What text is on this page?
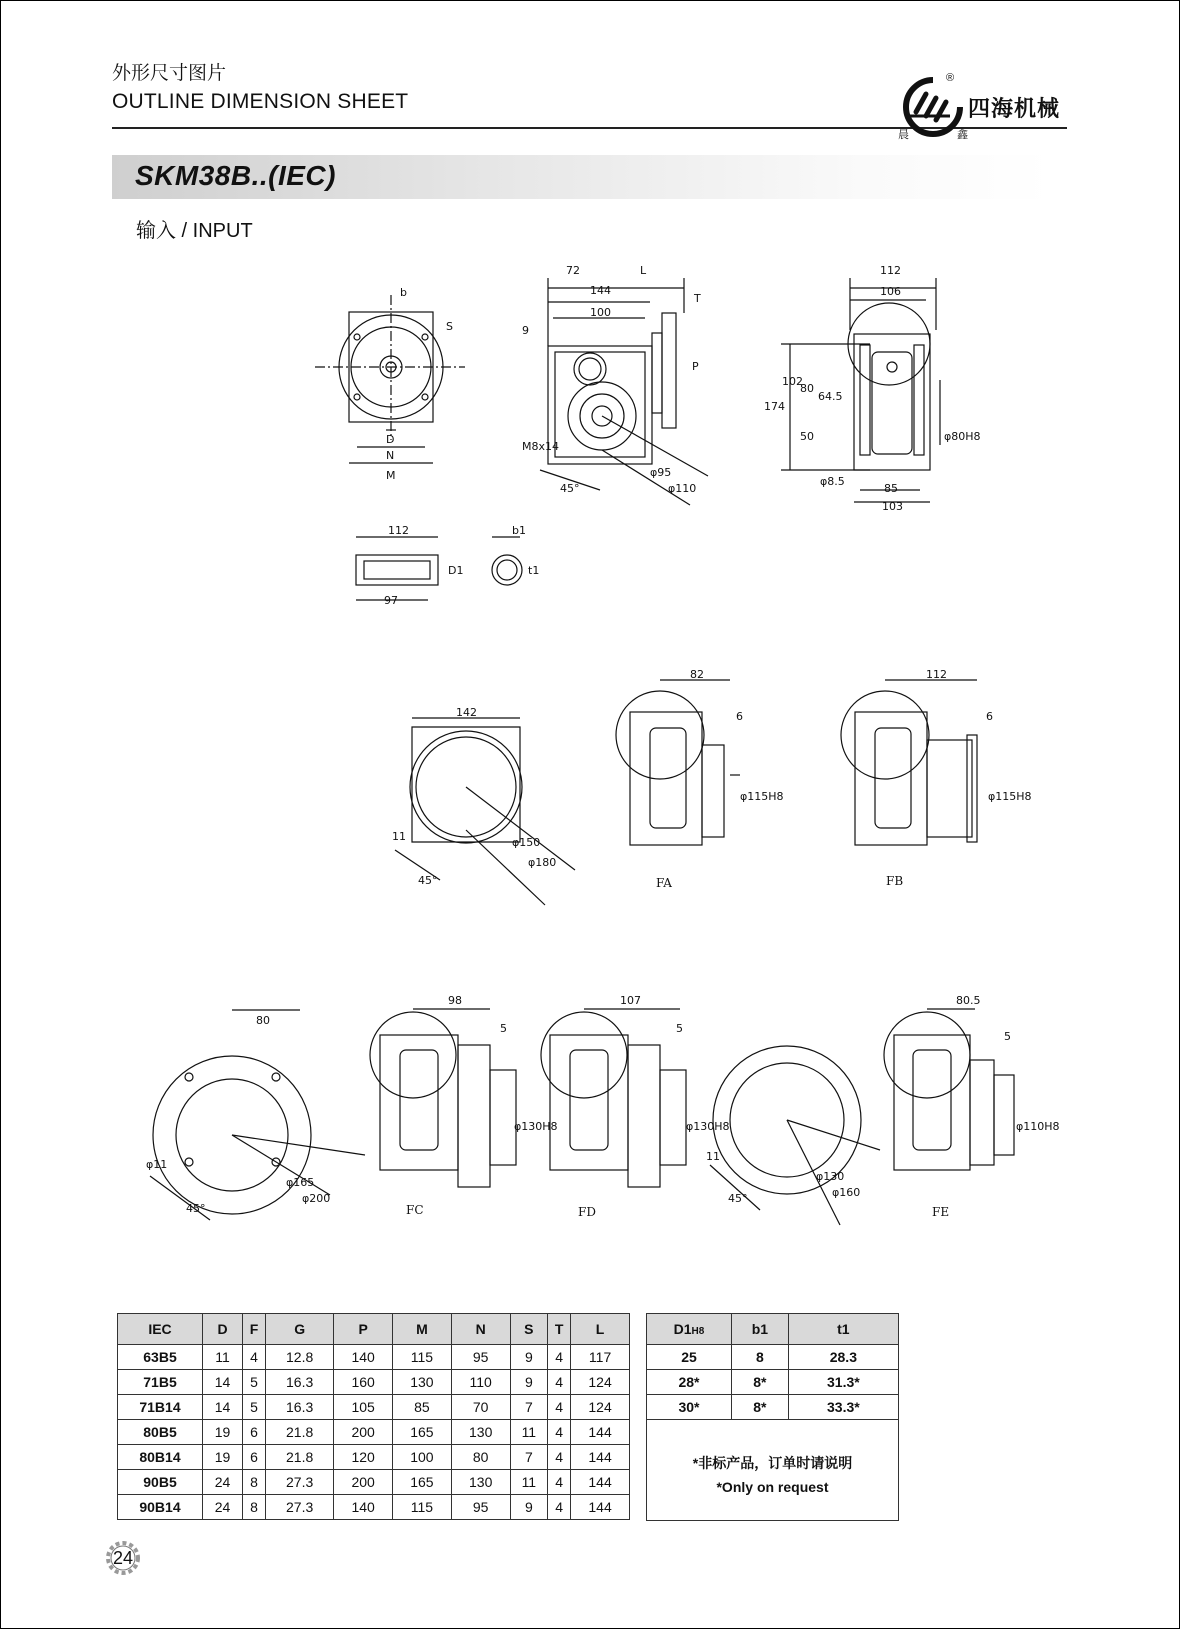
外形尺寸图片
OUTLINE DIMENSION SHEET
®
四海机械
晨	鑫
SKM38B..(IEC)
输入 / INPUT
b
S
D
N
M
72	L
144
T
100
9
P
M8x14
45°
φ95
φ110
112
106
174
102
80
64.5
50	φ80H8
φ8.5
85
103
112
D1
97
b1
t1
142
11
45°
φ150
φ180
82
6
φ115H8
112
6
φ115H8
80
φ11
45°
φ165
φ200
98
5
φ130H8
107
5
φ130H8
11
45°
φ130
φ160
80.5
5
φ110H8
FA	FB
FC	FD	FE
IEC	D	F	G	P	M	N	S	T	L
63B5	11	4	12.8	140	115	95	9	4	117
71B5	14	5	16.3	160	130	110	9	4	124
71B14	14	5	16.3	105	85	70	7	4	124
80B5	19	6	21.8	200	165	130	11	4	144
80B14	19	6	21.8	120	100	80	7	4	144
90B5	24	8	27.3	200	165	130	11	4	144
90B14	24	8	27.3	140	115	95	9	4	144
D1H8	b1	t1
25	8	28.3
28*	8*	31.3*
30*	8*	33.3*
*非标产品，订单时请说明
*Only on request
24
